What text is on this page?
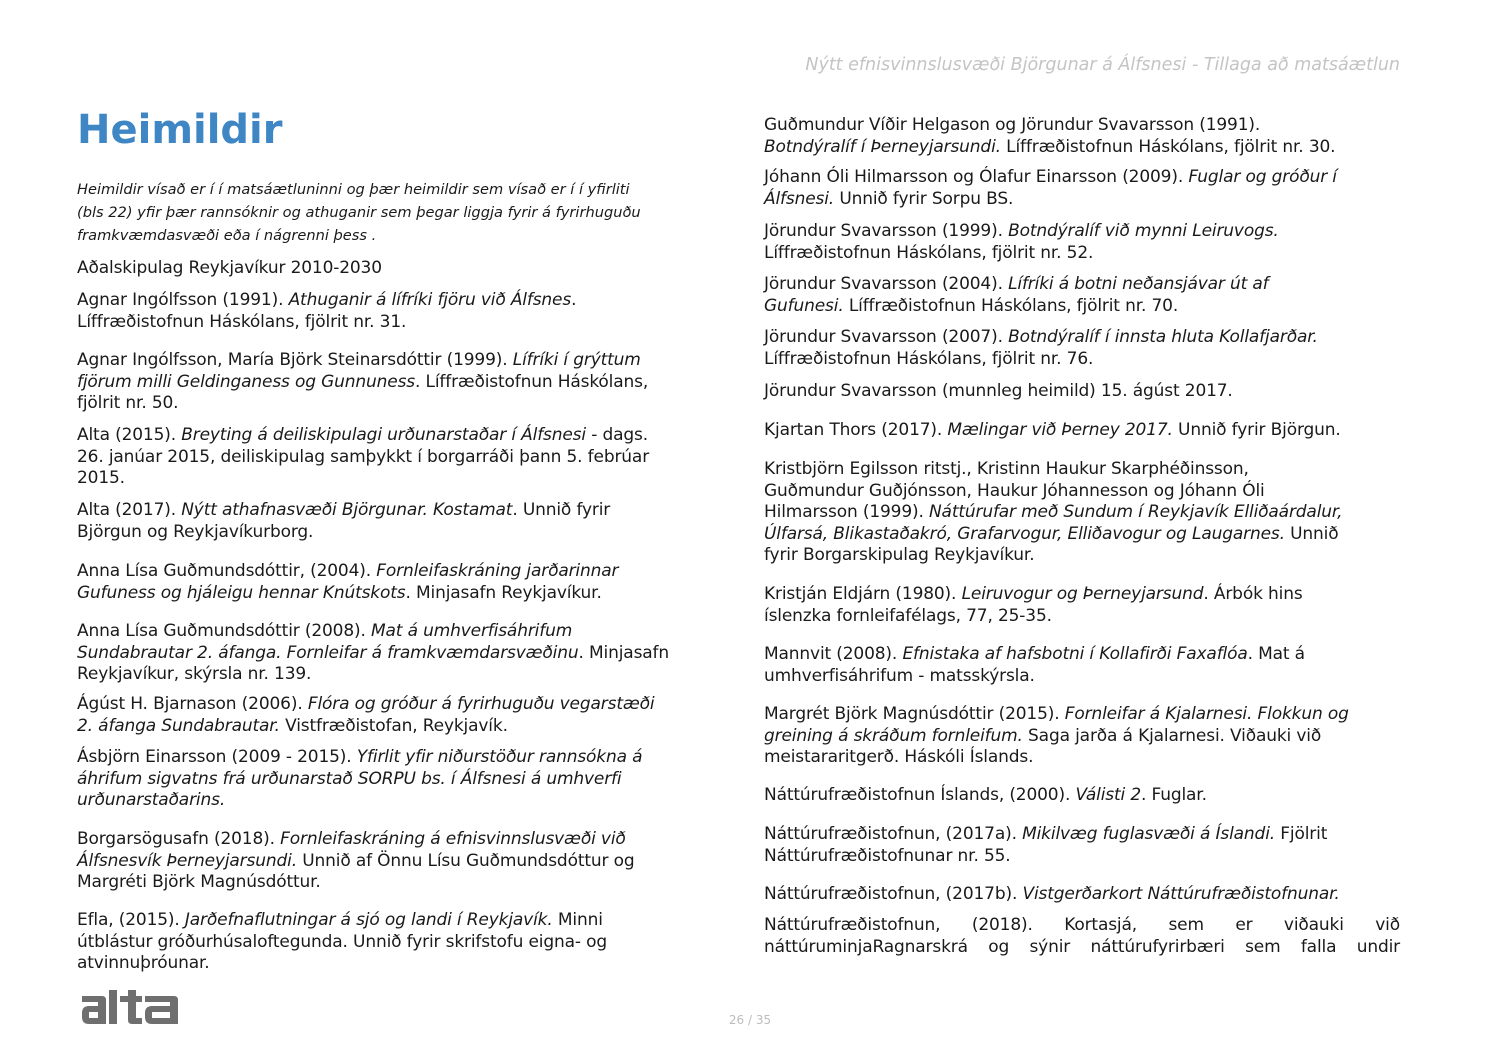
Nýtt efnisvinnslusvæði Björgunar á Álfsnesi - Tillaga að matsáætlun
Heimildir

Heimildir vísað er í í matsáætluninni og þær heimildir sem vísað er í í yfirliti
(bls 22) yfir þær rannsóknir og athuganir sem þegar liggja fyrir á fyrirhuguðu
framkvæmdasvæði eða í nágrenni þess .

Aðalskipulag Reykjavíkur 2010-2030

Agnar Ingólfsson (1991). Athuganir á lífríki fjöru við Álfsnes.
Líffræðistofnun Háskólans, fjölrit nr. 31.

Agnar Ingólfsson, María Björk Steinarsdóttir (1999). Lífríki í grýttum
fjörum milli Geldinganess og Gunnuness. Líffræðistofnun Háskólans,
fjölrit nr. 50.

Alta (2015). Breyting á deiliskipulagi urðunarstaðar í Álfsnesi - dags.
26. janúar 2015, deiliskipulag samþykkt í borgarráði þann 5. febrúar
2015.

Alta (2017). Nýtt athafnasvæði Björgunar. Kostamat. Unnið fyrir
Björgun og Reykjavíkurborg.

Anna Lísa Guðmundsdóttir, (2004). Fornleifaskráning jarðarinnar
Gufuness og hjáleigu hennar Knútskots. Minjasafn Reykjavíkur.

Anna Lísa Guðmundsdóttir (2008). Mat á umhverfisáhrifum
Sundabrautar 2. áfanga. Fornleifar á framkvæmdarsvæðinu. Minjasafn
Reykjavíkur, skýrsla nr. 139.

Ágúst H. Bjarnason (2006). Flóra og gróður á fyrirhuguðu vegarstæði
2. áfanga Sundabrautar. Vistfræðistofan, Reykjavík.

Ásbjörn Einarsson (2009 - 2015). Yfirlit yfir niðurstöður rannsókna á
áhrifum sigvatns frá urðunarstað SORPU bs. í Álfsnesi á umhverfi
urðunarstaðarins.

Borgarsögusafn (2018). Fornleifaskráning á efnisvinnslusvæði við
Álfsnesvík Þerneyjarsundi. Unnið af Önnu Lísu Guðmundsdóttur og
Margréti Björk Magnúsdóttur.

Efla, (2015). Jarðefnaflutningar á sjó og landi í Reykjavík. Minni
útblástur gróðurhúsaloftegunda. Unnið fyrir skrifstofu eigna- og
atvinnuþróunar.

Guðmundur Víðir Helgason og Jörundur Svavarsson (1991).
Botndýralíf í Þerneyjarsundi. Líffræðistofnun Háskólans, fjölrit nr. 30.

Jóhann Óli Hilmarsson og Ólafur Einarsson (2009). Fuglar og gróður í
Álfsnesi. Unnið fyrir Sorpu BS.

Jörundur Svavarsson (1999). Botndýralíf við mynni Leiruvogs.
Líffræðistofnun Háskólans, fjölrit nr. 52.

Jörundur Svavarsson (2004). Lífríki á botni neðansjávar út af
Gufunesi. Líffræðistofnun Háskólans, fjölrit nr. 70.

Jörundur Svavarsson (2007). Botndýralíf í innsta hluta Kollafjarðar.
Líffræðistofnun Háskólans, fjölrit nr. 76.

Jörundur Svavarsson (munnleg heimild) 15. ágúst 2017.

Kjartan Thors (2017). Mælingar við Þerney 2017. Unnið fyrir Björgun.

Kristbjörn Egilsson ritstj., Kristinn Haukur Skarphéðinsson,
Guðmundur Guðjónsson, Haukur Jóhannesson og Jóhann Óli
Hilmarsson (1999). Náttúrufar með Sundum í Reykjavík Elliðaárdalur,
Úlfarsá, Blikastaðakró, Grafarvogur, Elliðavogur og Laugarnes. Unnið
fyrir Borgarskipulag Reykjavíkur.

Kristján Eldjárn (1980). Leiruvogur og Þerneyjarsund. Árbók hins
íslenzka fornleifafélags, 77, 25-35.

Mannvit (2008). Efnistaka af hafsbotni í Kollafirði Faxaflóa. Mat á
umhverfisáhrifum - matsskýrsla.

Margrét Björk Magnúsdóttir (2015). Fornleifar á Kjalarnesi. Flokkun og
greining á skráðum fornleifum. Saga jarða á Kjalarnesi. Viðauki við
meistararitgerð. Háskóli Íslands.

Náttúrufræðistofnun Íslands, (2000). Válisti 2. Fuglar.

Náttúrufræðistofnun, (2017a). Mikilvæg fuglasvæði á Íslandi. Fjölrit
Náttúrufræðistofnunar nr. 55.

Náttúrufræðistofnun, (2017b). Vistgerðarkort Náttúrufræðistofnunar.

Náttúrufræðistofnun, (2018). Kortasjá, sem er viðauki við
náttúruminjaRagnarskrá og sýnir náttúrufyrirbæri sem falla undir

26 / 35
